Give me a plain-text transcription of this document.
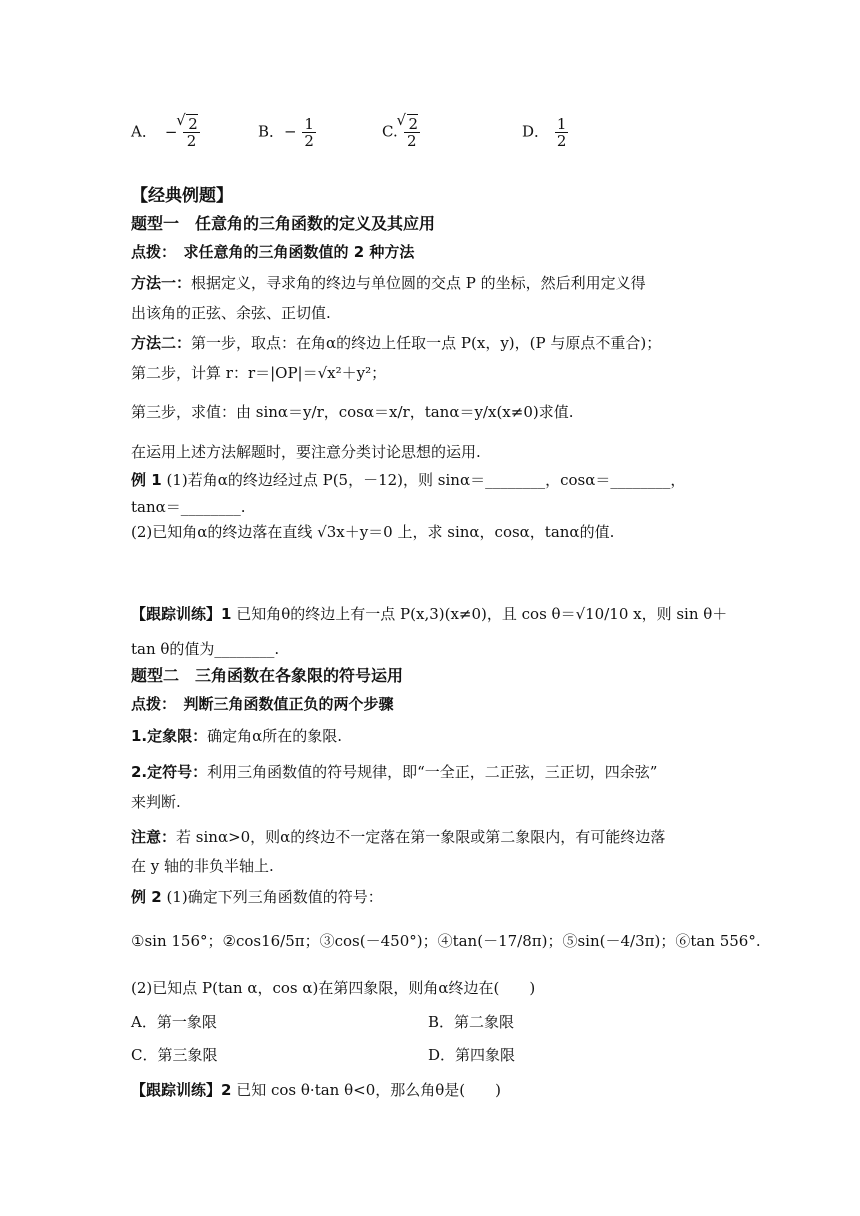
A． − √ $\frac{2}{2}$	B．− $\frac{1}{2}$	C. √ $\frac{2}{2}$	D． $\frac{1}{2}$
【经典例题】
题型一　任意角的三角函数的定义及其应用
点拨：　求任意角的三角函数值的 2 种方法
方法一：根据定义，寻求角的终边与单位圆的交点 P 的坐标，然后利用定义得
出该角的正弦、余弦、正切值.
方法二：第一步，取点：在角α的终边上任取一点 P(x，y)，(P 与原点不重合)；
第二步，计算 r：r＝|OP|＝√x²＋y²；
第三步，求值：由 sinα＝y/r，cosα＝x/r，tanα＝y/x(x≠0)求值.
在运用上述方法解题时，要注意分类讨论思想的运用.
例 1 (1)若角α的终边经过点 P(5，－12)，则 sinα＝________，cosα＝________，
tanα＝________.
(2)已知角α的终边落在直线 √3x＋y＝0 上，求 sinα，cosα，tanα的值.
【跟踪训练】1 已知角θ的终边上有一点 P(x,3)(x≠0)，且 cos θ＝√10/10 x，则 sin θ＋
tan θ的值为________.
题型二　三角函数在各象限的符号运用
点拨：　判断三角函数值正负的两个步骤
1.定象限：确定角α所在的象限.
2.定符号：利用三角函数值的符号规律，即“一全正，二正弦，三正切，四余弦”
来判断.
注意：若 sinα>0，则α的终边不一定落在第一象限或第二象限内，有可能终边落
在 y 轴的非负半轴上.
例 2 (1)确定下列三角函数值的符号：
①sin 156°；②cos16/5π；③cos(－450°)；④tan(－17/8π)；⑤sin(－4/3π)；⑥tan 556°.
(2)已知点 P(tan α，cos α)在第四象限，则角α终边在(　　)
A．第一象限	B．第二象限
C．第三象限	D．第四象限
【跟踪训练】2 已知 cos θ·tan θ<0，那么角θ是(　　)
